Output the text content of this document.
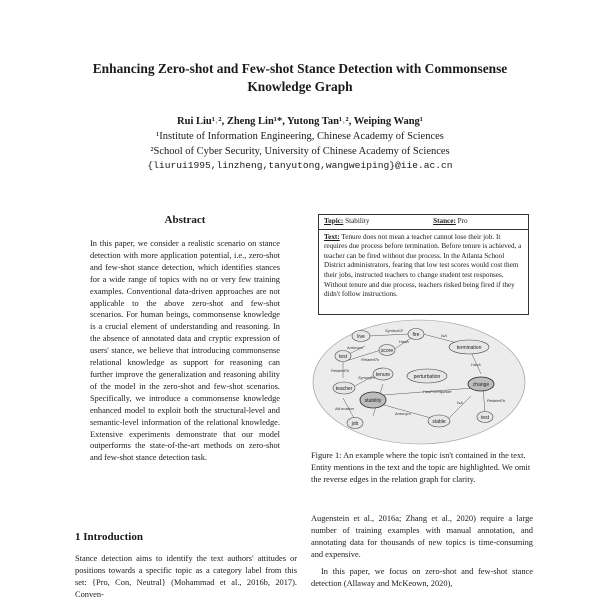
Enhancing Zero-shot and Few-shot Stance Detection with Commonsense
Knowledge Graph
Rui Liu¹˒², Zheng Lin¹*, Yutong Tan¹˒², Weiping Wang¹
¹Institute of Information Engineering, Chinese Academy of Sciences
²School of Cyber Security, University of Chinese Academy of Sciences
{liurui1995,linzheng,tanyutong,wangweiping}@iie.ac.cn
Abstract
In this paper, we consider a realistic scenario on stance detection with more application potential, i.e., zero-shot and few-shot stance detection, which identifies stances for a wide range of topics with no or very few training examples. Conventional data-driven approaches are not applicable to the above zero-shot and few-shot scenarios. For human beings, commonsense knowledge is a crucial element of understanding and reasoning. In the absence of annotated data and cryptic expression of users' stance, we believe that introducing commonsense relational knowledge as support for reasoning can further improve the generalization and reasoning ability of the model in the zero-shot and few-shot scenarios. Specifically, we introduce a commonsense knowledge enhanced model to exploit both the structural-level and semantic-level information of the relational knowledge. Extensive experiments demonstrate that our model outperforms the state-of-the-art methods on zero-shot and few-shot stance detection task.
1 Introduction
Stance detection aims to identify the text authors' attitudes or positions towards a specific topic as a category label from this set: {Pro, Con, Neutral} (Mohammad et al., 2016b, 2017). Conven-
Topic: Stability	Stance: Pro
Text: Tenure does not mean a teacher cannot lose their job. It requires due process before termination. Before tenure is achieved, a teacher can be fired without due process. In the Atlanta School District administrators, fearing that low test scores would cost them their jobs, instructed teachers to change student test responses. Without tenure and due process, teachers risked being fired if they didn't follow instructions.
live	fire
termination
test
score
teacher
tenure	perturbation
stability
change
job	stable
test
SymbolOf
IsA
Antonym
RelatedTo
HasA
RelatedTo
Synonym
HasA
HasPrerequisite
RelatedTo
Antonym
IsA
AtLocation
Figure 1: An example where the topic isn't contained in the text. Entity mentions in the text and the topic are highlighted. We omit the reverse edges in the relation graph for clarity.

Augenstein et al., 2016a; Zhang et al., 2020) require a large number of training examples with manual annotation, and annotating data for thousands of new topics is time-consuming and expensive.

In this paper, we focus on zero-shot and few-shot stance detection (Allaway and McKeown, 2020),
